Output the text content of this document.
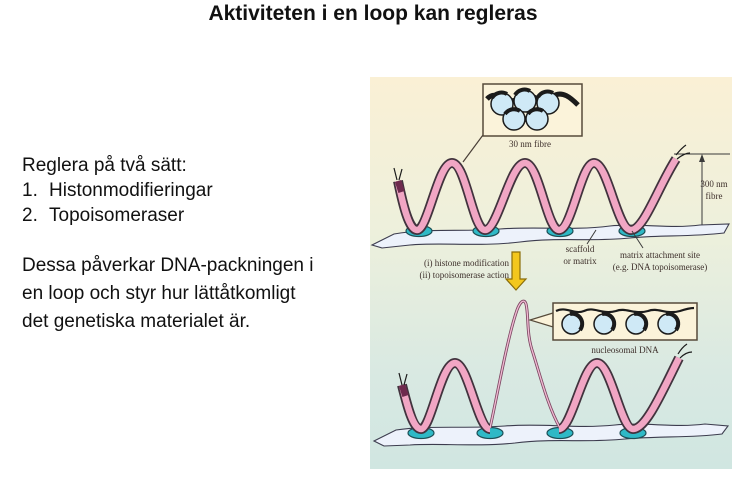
Aktiviteten i en loop kan regleras
Reglera på två sätt:
1. Histonmodifieringar
2. Topoisomeraser
Dessa påverkar DNA-packningen i
en loop och styr hur lättåtkomligt
det genetiska materialet är.
300 nm
fibre
30 nm fibre
scaffold
or matrix
matrix attachment site
(e.g. DNA topoisomerase)
(i) histone modification
(ii) topoisomerase action
nucleosomal DNA
